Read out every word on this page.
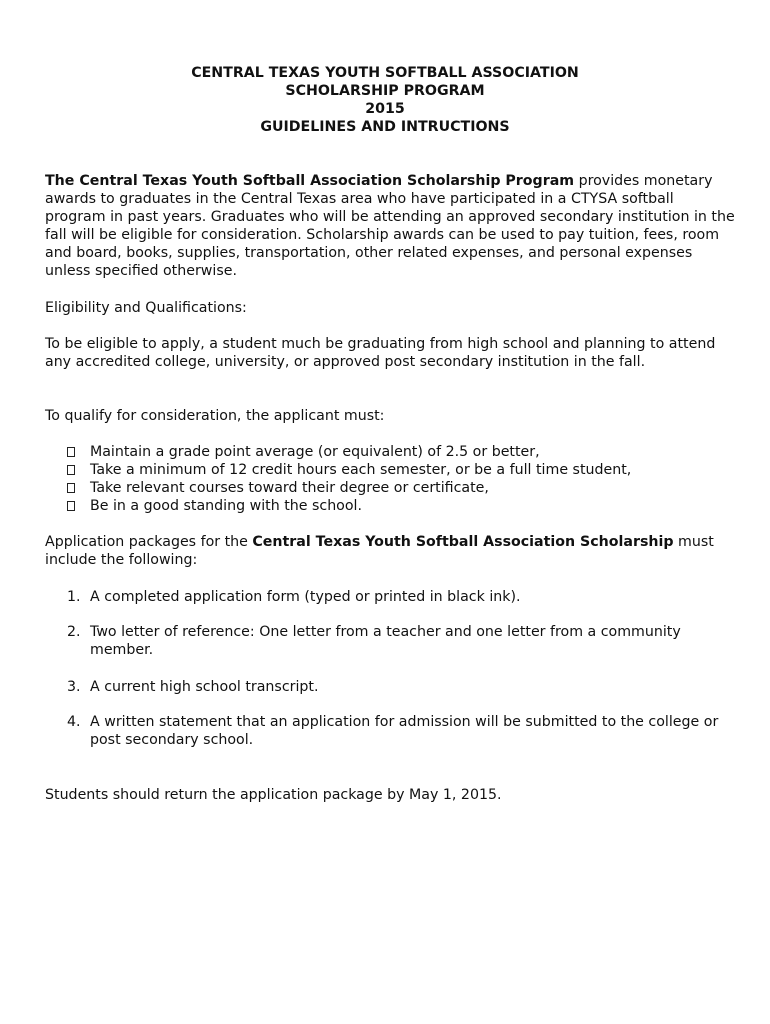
CENTRAL TEXAS YOUTH SOFTBALL ASSOCIATION
SCHOLARSHIP PROGRAM
2015
GUIDELINES AND INTRUCTIONS
The Central Texas Youth Softball Association Scholarship Program provides monetary awards to graduates in the Central Texas area who have participated in a CTYSA softball program in past years. Graduates who will be attending an approved secondary institution in the fall will be eligible for consideration. Scholarship awards can be used to pay tuition, fees, room and board, books, supplies, transportation, other related expenses, and personal expenses unless specified otherwise.
Eligibility and Qualifications:
To be eligible to apply, a student much be graduating from high school and planning to attend any accredited college, university, or approved post secondary institution in the fall.
To qualify for consideration, the applicant must:
Maintain a grade point average (or equivalent) of 2.5 or better,
Take a minimum of 12 credit hours each semester, or be a full time student,
Take relevant courses toward their degree or certificate,
Be in a good standing with the school.
Application packages for the Central Texas Youth Softball Association Scholarship must include the following:
1. A completed application form (typed or printed in black ink).
2. Two letter of reference: One letter from a teacher and one letter from a community member.
3. A current high school transcript.
4. A written statement that an application for admission will be submitted to the college or post secondary school.
Students should return the application package by May 1, 2015.
